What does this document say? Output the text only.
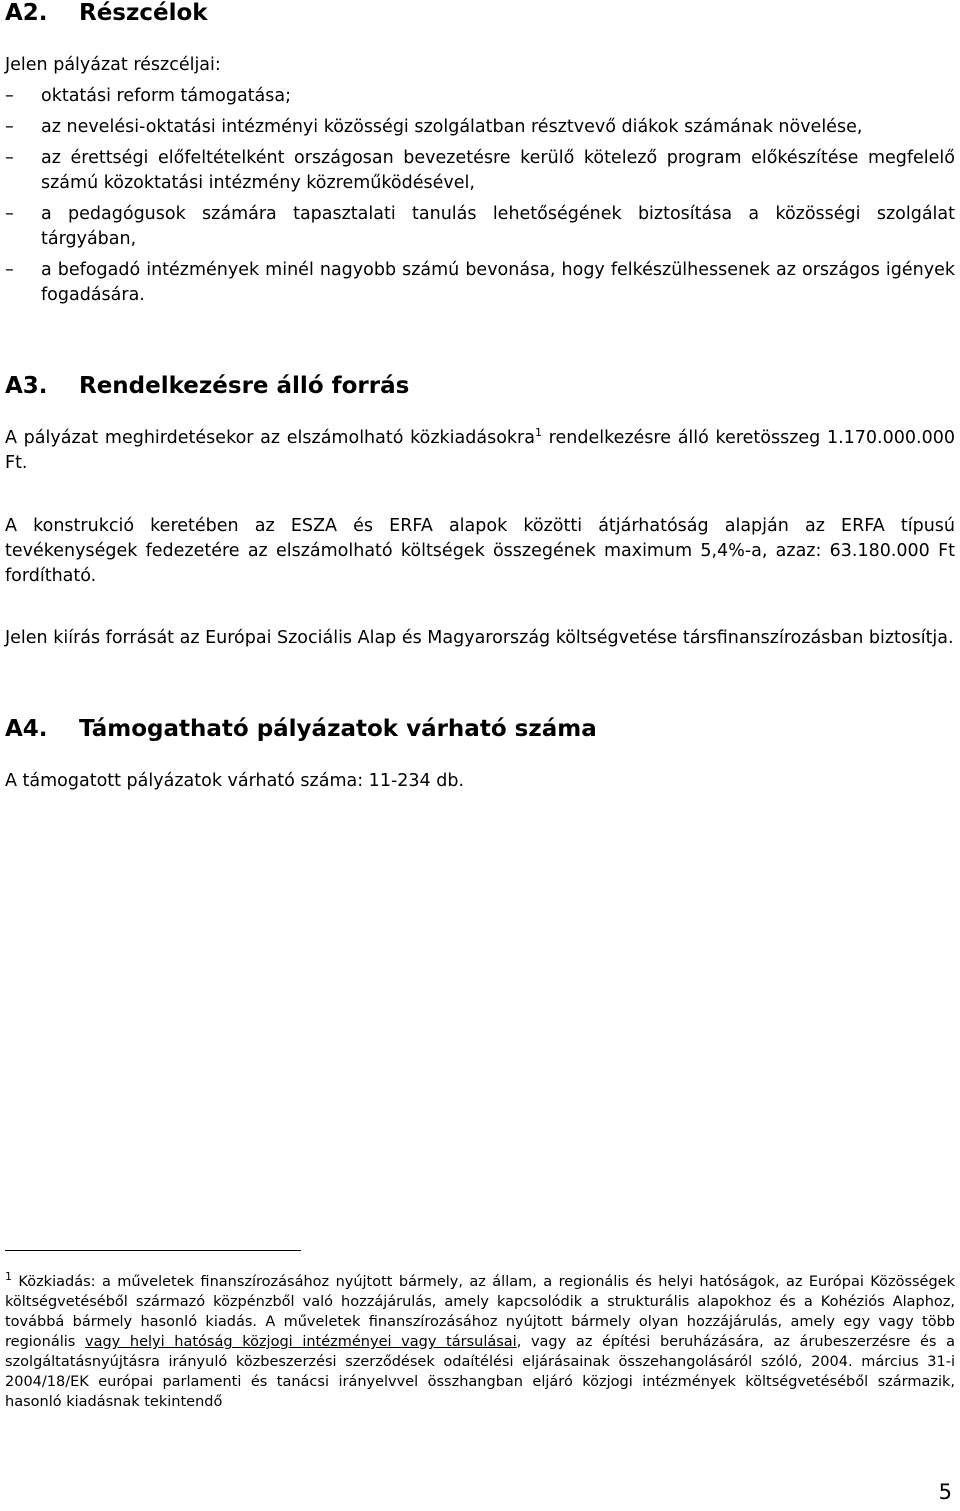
A2. Részcélok

Jelen pályázat részcéljai:

–	oktatási reform támogatása;
–	az nevelési-oktatási intézményi közösségi szolgálatban résztvevő diákok számának növelése,
–	az érettségi előfeltételként országosan bevezetésre kerülő kötelező program előkészítése megfelelő számú közoktatási intézmény közreműködésével,
–	a pedagógusok számára tapasztalati tanulás lehetőségének biztosítása a közösségi szolgálat tárgyában,
–	a befogadó intézmények minél nagyobb számú bevonása, hogy felkészülhessenek az országos igények fogadására.
A3. Rendelkezésre álló forrás

A pályázat meghirdetésekor az elszámolható közkiadásokra$^1$ rendelkezésre álló keretösszeg 1.170.000.000 Ft.

A konstrukció keretében az ESZA és ERFA alapok közötti átjárhatóság alapján az ERFA típusú tevékenységek fedezetére az elszámolható költségek összegének maximum 5,4%-a, azaz: 63.180.000 Ft fordítható.

Jelen kiírás forrását az Európai Szociális Alap és Magyarország költségvetése társfinanszírozásban biztosítja.

A4. Támogatható pályázatok várható száma

A támogatott pályázatok várható száma: 11-234 db.

$^1$ Közkiadás: a műveletek finanszírozásához nyújtott bármely, az állam, a regionális és helyi hatóságok, az Európai Közösségek költségvetéséből származó közpénzből való hozzájárulás, amely kapcsolódik a strukturális alapokhoz és a Kohéziós Alaphoz, továbbá bármely hasonló kiadás. A műveletek finanszírozásához nyújtott bármely olyan hozzájárulás, amely egy vagy több regionális vagy helyi hatóság közjogi intézményei vagy társulásai, vagy az építési beruházására, az árubeszerzésre és a szolgáltatásnyújtásra irányuló közbeszerzési szerződések odaítélési eljárásainak összehangolásáról szóló, 2004. március 31-i 2004/18/EK európai parlamenti és tanácsi irányelvvel összhangban eljáró közjogi intézmények költségvetéséből származik, hasonló kiadásnak tekintendő

5
